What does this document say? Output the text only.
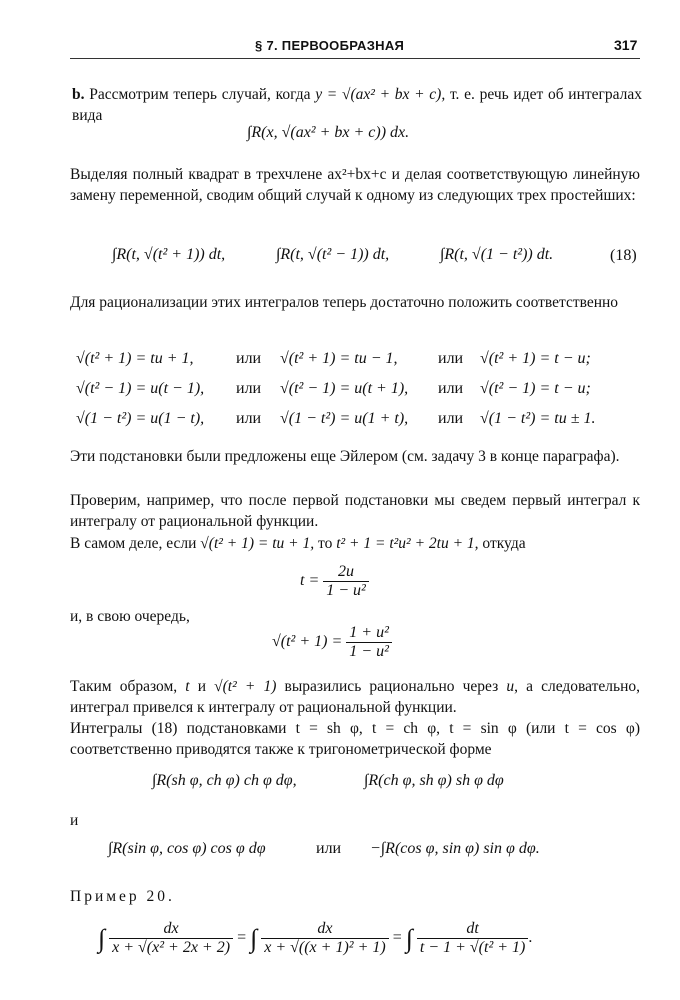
§ 7. ПЕРВООБРАЗНАЯ	317
b. Рассмотрим теперь случай, когда y = √(ax² + bx + c), т. е. речь идет об интегралах вида
∫R(x, √(ax² + bx + c)) dx.
Выделяя полный квадрат в трехчлене ax²+bx+c и делая соответствующую линейную замену переменной, сводим общий случай к одному из следующих трех простейших:
∫R(t, √(t² + 1)) dt,	∫R(t, √(t² − 1)) dt,	∫R(t, √(1 − t²)) dt.	(18)
Для рационализации этих интегралов теперь достаточно положить соответственно
√(t² + 1) = tu + 1,	или √(t² + 1) = tu − 1,	или √(t² + 1) = t − u;
√(t² − 1) = u(t − 1), или √(t² − 1) = u(t + 1), или √(t² − 1) = t − u;
√(1 − t²) = u(1 − t), или √(1 − t²) = u(1 + t), или √(1 − t²) = tu ± 1.
Эти подстановки были предложены еще Эйлером (см. задачу 3 в конце параграфа).
Проверим, например, что после первой подстановки мы сведем первый интеграл к интегралу от рациональной функции.
В самом деле, если √(t² + 1) = tu + 1, то t² + 1 = t²u² + 2tu + 1, откуда
$t = \frac{2u}{\text{1 − u²}}$
и, в свою очередь,
$√(t^2 + 1) = \frac{\text{1 + u²}}{\text{1 − u²}}$
Таким образом, t и √(t² + 1) выразились рационально через u, а следовательно, интеграл привелся к интегралу от рациональной функции.
Интегралы (18) подстановками t = sh φ, t = ch φ, t = sin φ (или t = cos φ) соответственно приводятся также к тригонометрической форме
∫R(sh φ, ch φ) ch φ dφ,	∫R(ch φ, sh φ) sh φ dφ
и
∫R(sin φ, cos φ) cos φ dφ	или −∫R(cos φ, sin φ) sin φ dφ.
Пример 20.
∫ $\frac{dx}{\text{x + √(x² + 2x + 2)}}$ = ∫ $\frac{dx}{\text{x + √((x + 1)² + 1)}}$ = ∫ $\frac{dt}{\text{t − 1 + √(t² + 1)}}$ .
